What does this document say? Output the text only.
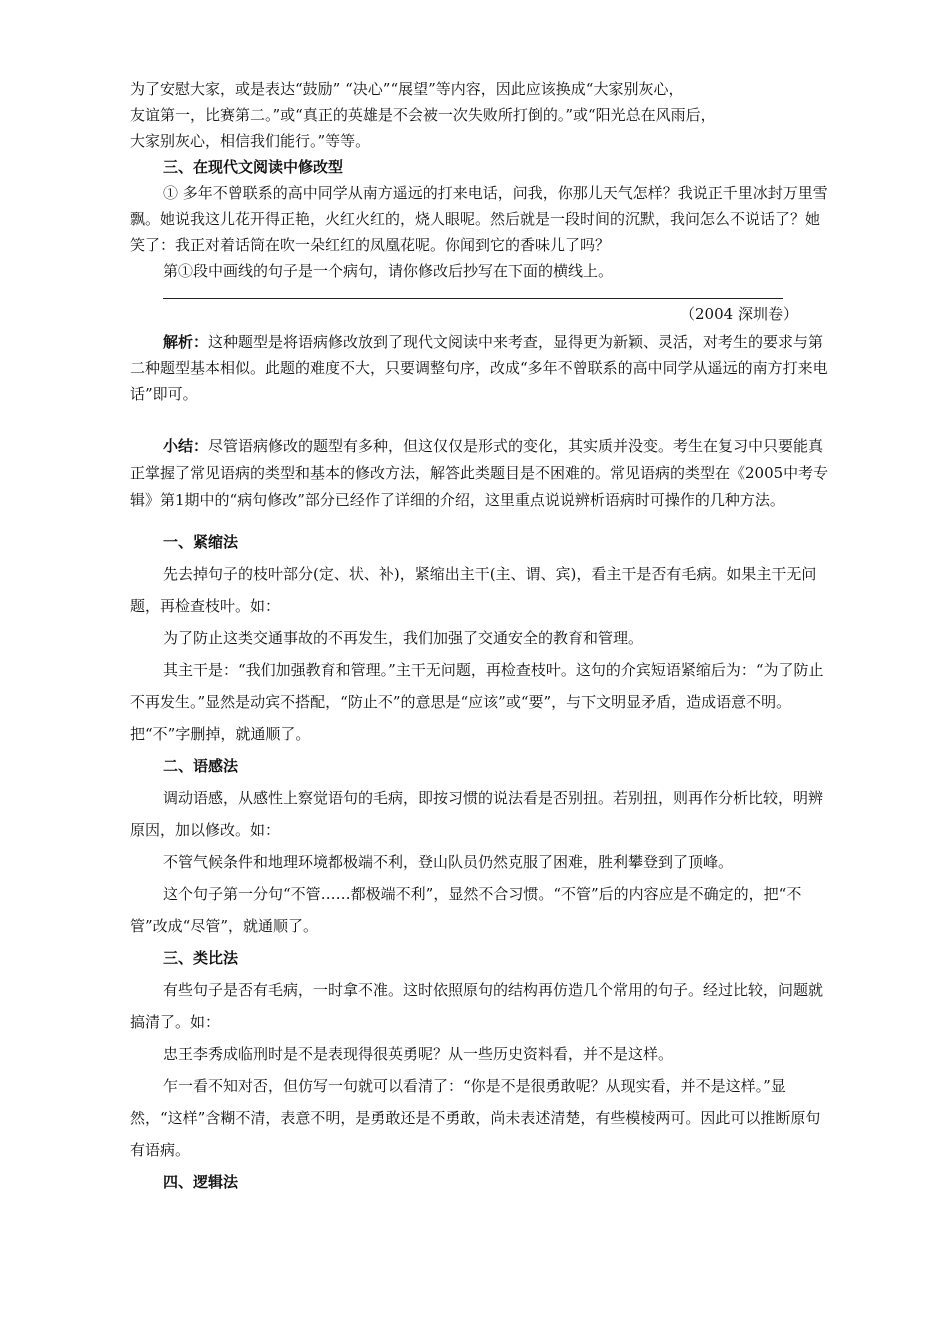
为了安慰大家，或是表达“鼓励” “决心”“展望”等内容，因此应该换成“大家别灰心，

友谊第一，比赛第二。”或“真正的英雄是不会被一次失败所打倒的。”或“阳光总在风雨后，

大家别灰心，相信我们能行。”等等。

三、在现代文阅读中修改型

① 多年不曾联系的高中同学从南方遥远的打来电话，问我，你那儿天气怎样？我说正千里冰封万里雪飘。她说我这儿花开得正艳，火红火红的，烧人眼呢。然后就是一段时间的沉默，我问怎么不说话了？她笑了：我正对着话筒在吹一朵红红的凤凰花呢。你闻到它的香味儿了吗？

第①段中画线的句子是一个病句，请你修改后抄写在下面的横线上。

（2004 深圳卷）

解析：这种题型是将语病修改放到了现代文阅读中来考查，显得更为新颖、灵活，对考生的要求与第二种题型基本相似。此题的难度不大，只要调整句序，改成“多年不曾联系的高中同学从遥远的南方打来电话”即可。

小结：尽管语病修改的题型有多种，但这仅仅是形式的变化，其实质并没变。考生在复习中只要能真正掌握了常见语病的类型和基本的修改方法，解答此类题目是不困难的。常见语病的类型在《2005中考专辑》第1期中的“病句修改”部分已经作了详细的介绍，这里重点说说辨析语病时可操作的几种方法。

一、紧缩法

先去掉句子的枝叶部分(定、状、补)，紧缩出主干(主、谓、宾)，看主干是否有毛病。如果主干无问题，再检查枝叶。如：

为了防止这类交通事故的不再发生，我们加强了交通安全的教育和管理。

其主干是：“我们加强教育和管理。”主干无问题，再检查枝叶。这句的介宾短语紧缩后为：“为了防止不再发生。”显然是动宾不搭配，“防止不”的意思是“应该”或“要”，与下文明显矛盾，造成语意不明。把“不”字删掉，就通顺了。

二、语感法

调动语感，从感性上察觉语句的毛病，即按习惯的说法看是否别扭。若别扭，则再作分析比较，明辨原因，加以修改。如：

不管气候条件和地理环境都极端不利，登山队员仍然克服了困难，胜利攀登到了顶峰。

这个句子第一分句“不管……都极端不利”，显然不合习惯。“不管”后的内容应是不确定的，把“不管”改成“尽管”，就通顺了。

三、类比法

有些句子是否有毛病，一时拿不准。这时依照原句的结构再仿造几个常用的句子。经过比较，问题就搞清了。如：

忠王李秀成临刑时是不是表现得很英勇呢？从一些历史资料看，并不是这样。

乍一看不知对否，但仿写一句就可以看清了：“你是不是很勇敢呢？从现实看，并不是这样。”显然，“这样”含糊不清，表意不明，是勇敢还是不勇敢，尚未表述清楚，有些模棱两可。因此可以推断原句有语病。

四、逻辑法
